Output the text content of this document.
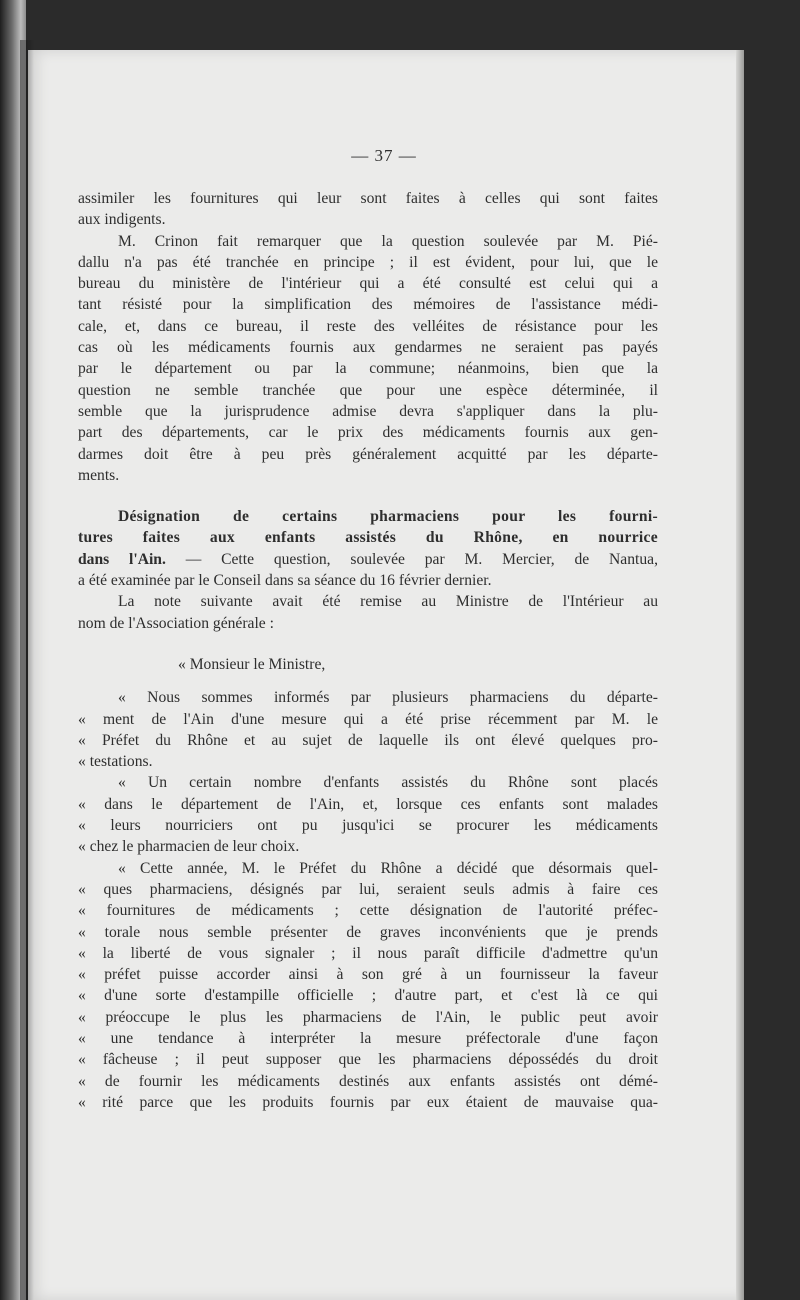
— 37 —
assimiler les fournitures qui leur sont faites à celles qui sont faites
aux indigents.
M. Crinon fait remarquer que la question soulevée par M. Pié-
dallu n'a pas été tranchée en principe ; il est évident, pour lui, que le
bureau du ministère de l'intérieur qui a été consulté est celui qui a
tant résisté pour la simplification des mémoires de l'assistance médi-
cale, et, dans ce bureau, il reste des velléites de résistance pour les
cas où les médicaments fournis aux gendarmes ne seraient pas payés
par le département ou par la commune; néanmoins, bien que la
question ne semble tranchée que pour une espèce déterminée, il
semble que la jurisprudence admise devra s'appliquer dans la plu-
part des départements, car le prix des médicaments fournis aux gen-
darmes doit être à peu près généralement acquitté par les départe-
ments.
Désignation de certains pharmaciens pour les fourni-
tures faites aux enfants assistés du Rhône, en nourrice
dans l'Ain. — Cette question, soulevée par M. Mercier, de Nantua,
a été examinée par le Conseil dans sa séance du 16 février dernier.
La note suivante avait été remise au Ministre de l'Intérieur au
nom de l'Association générale :
« Monsieur le Ministre,
« Nous sommes informés par plusieurs pharmaciens du départe-
« ment de l'Ain d'une mesure qui a été prise récemment par M. le
« Préfet du Rhône et au sujet de laquelle ils ont élevé quelques pro-
« testations.
« Un certain nombre d'enfants assistés du Rhône sont placés
« dans le département de l'Ain, et, lorsque ces enfants sont malades
« leurs nourriciers ont pu jusqu'ici se procurer les médicaments
« chez le pharmacien de leur choix.
« Cette année, M. le Préfet du Rhône a décidé que désormais quel-
« ques pharmaciens, désignés par lui, seraient seuls admis à faire ces
« fournitures de médicaments ; cette désignation de l'autorité préfec-
« torale nous semble présenter de graves inconvénients que je prends
« la liberté de vous signaler ; il nous paraît difficile d'admettre qu'un
« préfet puisse accorder ainsi à son gré à un fournisseur la faveur
« d'une sorte d'estampille officielle ; d'autre part, et c'est là ce qui
« préoccupe le plus les pharmaciens de l'Ain, le public peut avoir
« une tendance à interpréter la mesure préfectorale d'une façon
« fâcheuse ; il peut supposer que les pharmaciens dépossédés du droit
« de fournir les médicaments destinés aux enfants assistés ont démé-
« rité parce que les produits fournis par eux étaient de mauvaise qua-
